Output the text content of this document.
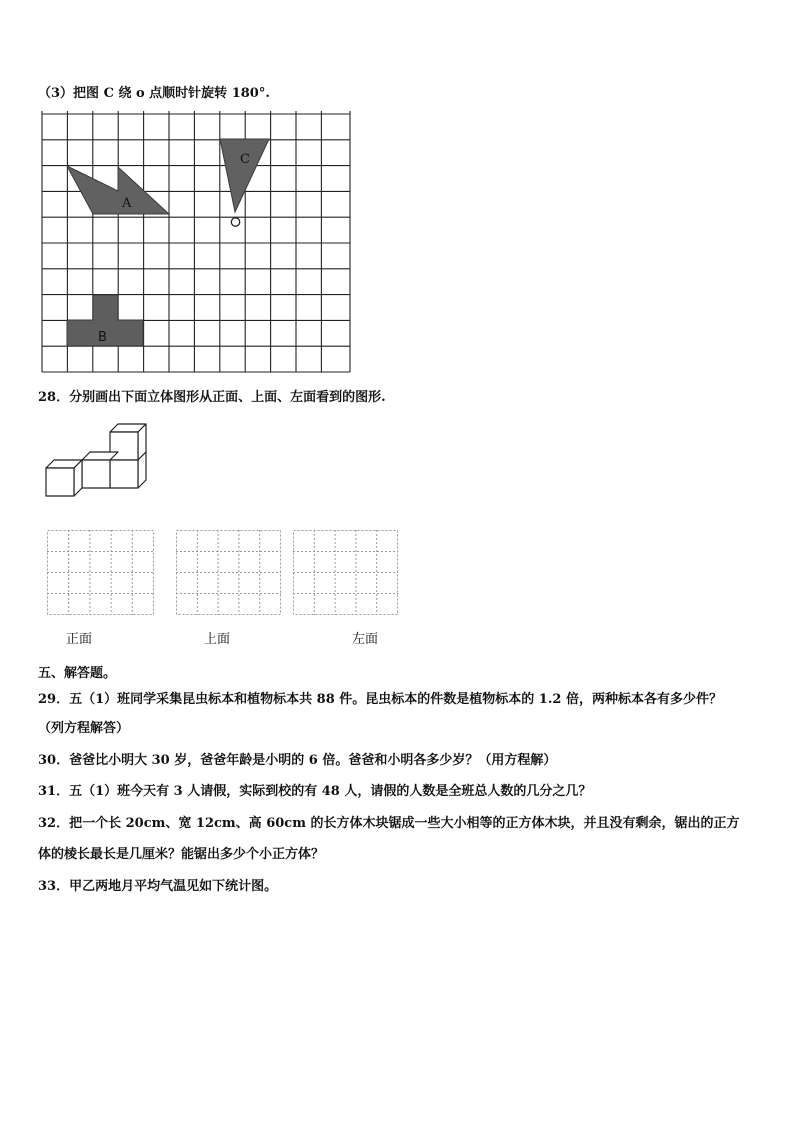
（3）把图 C 绕 o 点顺时针旋转 180°.
A
C
B
28．分别画出下面立体图形从正面、上面、左面看到的图形.
正面	上面	左面
五、解答题。
29．五（1）班同学采集昆虫标本和植物标本共 88 件。昆虫标本的件数是植物标本的 1.2 倍，两种标本各有多少件？
（列方程解答）
30．爸爸比小明大 30 岁，爸爸年龄是小明的 6 倍。爸爸和小明各多少岁？（用方程解）
31．五（1）班今天有 3 人请假，实际到校的有 48 人，请假的人数是全班总人数的几分之几？
32．把一个长 20cm、宽 12cm、高 60cm 的长方体木块锯成一些大小相等的正方体木块，并且没有剩余，锯出的正方
体的棱长最长是几厘米？能锯出多少个小正方体？
33．甲乙两地月平均气温见如下统计图。
